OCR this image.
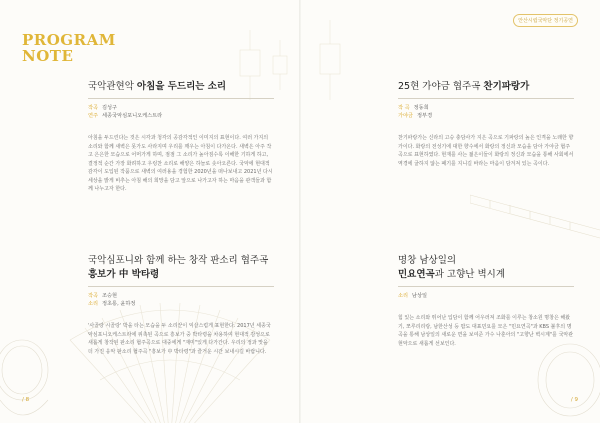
PROGRAM
NOTE
국악관현악 아침을 두드리는 소리
작곡 김성구
연주 세종국악심포니오케스트라
아침을 두드린다는 것은 시각과 청각의 공감각적인 이미지의 표현이다. 여러 가지의 소리와 함께 새벽은 못가도 사라지며 우리를 깨우는 아침이 다가온다. 새벽은 아주 작고 은은한 모습으로 어머가게 하며, 점점 그 소리가 높아짐수록 이해한 기하게 하고, 결정적 순간 가장 화려하고 우렁찬 소리로 해양은 하늘로 솟아오른다. 국악에 현대적 감각이 도입된 작품으로 새벽의 여러용을 경험한 2020년을 떠나보내고 2021년 다시 세상을 밝게 비추는 아침 해의 희망을 담고 앞으로 나가고자 하는 마음을 관객들과 함께 나누고자 한다.
국악심포니와 함께 하는 창작 판소리 협주곡
흥보가 中 박타령
작곡 조승현
소리 정초롱, 윤하정
'사골랑 시골랑' 박을 타는 모습을 두 소리꾼이 익살스럽게 표현한다. 2017년 세종국악심포니오케스트라에 위촉된 곡으로 흥보가 중 박타령을 차용하여 현대적 감성으로 새롭게 창작된 판소리 협주곡으로 대중에게 "재미"있게 다가간다. 우리의 정과 맛을 더 가진 응악 판소리 협주곡 "흥보가 中 박타령"과 즐거운 시간 보내시길 바랍니다.
/ 8
안산시립국악단 정기공연
25현 가야금 협주곡 찬기파랑가
작 곡 정동희
가야금 정부경
찬기파랑가는 신라의 고승 충담사가 지은 곡으로 기파랑의 높은 인격을 노래한 향가이다. 화랑의 전성기에 대한 향수에서 화랑의 정신과 모습을 담아 가야금 협주곡으로 표현하였다. 현재를 사는 젊은이들이 화랑의 정신과 모습을 통해 사회에서 역경에 굴하지 않는 패기를 지니길 바라는 마음이 담겨져 있는 곡이다.
명창 남상일의
민요연곡과 고향난 벽시계
소리 남상일
힘 있는 소리와 뛰어난 입담이 함께 어우러져 조화를 이루는 창소원 명창은 해왔기, 쪼루리리랑, 남한산성 등 팝도 대표민요를 모은 "민요연곡"과 KBS 불후의 명곡을 통해 남상일의 새로운 면을 보여준 가수 나훈아의 "고향난 벽시계"를 국악관현악으로 새롭게 선보인다.
/ 9
